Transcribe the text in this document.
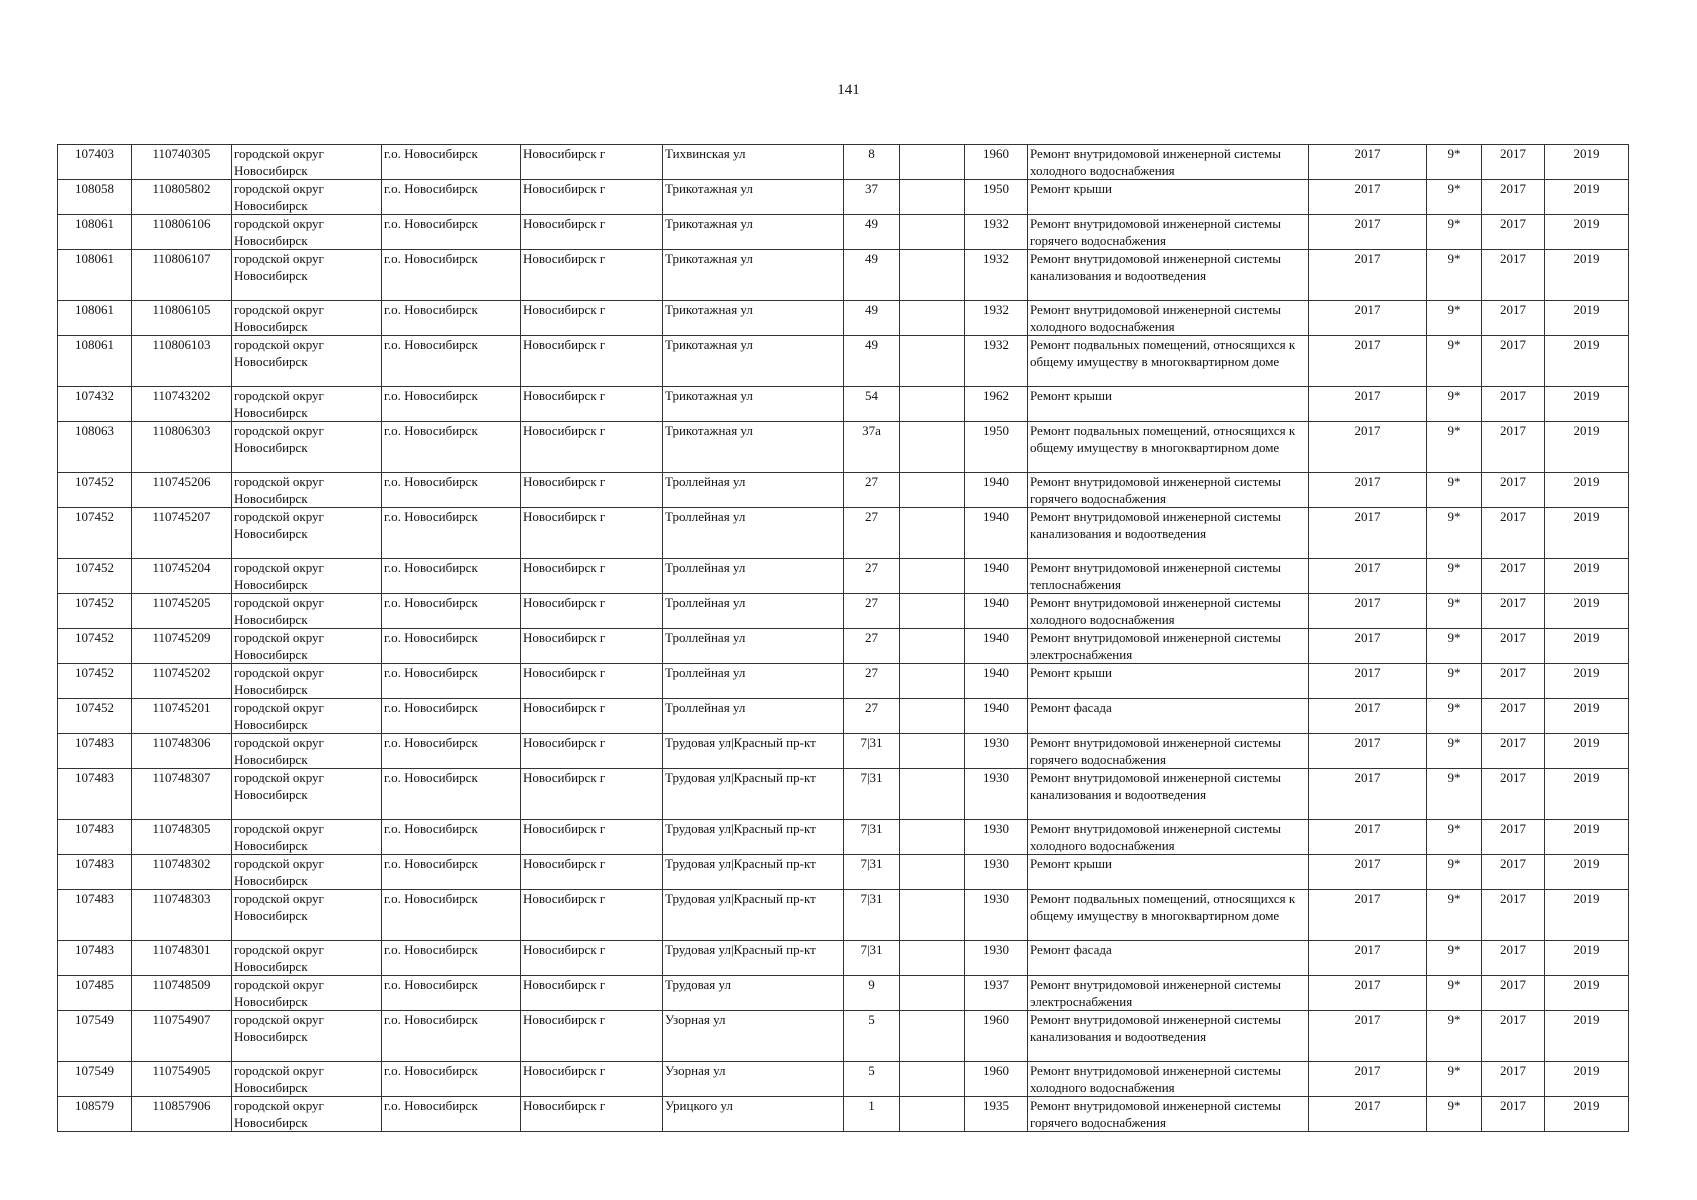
141
107403	110740305	городской округ Новосибирск	г.о. Новосибирск	Новосибирск г	Тихвинская ул	8		1960	Ремонт внутридомовой инженерной системы холодного водоснабжения	2017	9*	2017	2019
108058	110805802	городской округ Новосибирск	г.о. Новосибирск	Новосибирск г	Трикотажная ул	37		1950	Ремонт крыши	2017	9*	2017	2019
108061	110806106	городской округ Новосибирск	г.о. Новосибирск	Новосибирск г	Трикотажная ул	49		1932	Ремонт внутридомовой инженерной системы горячего водоснабжения	2017	9*	2017	2019
108061	110806107	городской округ Новосибирск	г.о. Новосибирск	Новосибирск г	Трикотажная ул	49		1932	Ремонт внутридомовой инженерной системы канализования и водоотведения	2017	9*	2017	2019
108061	110806105	городской округ Новосибирск	г.о. Новосибирск	Новосибирск г	Трикотажная ул	49		1932	Ремонт внутридомовой инженерной системы холодного водоснабжения	2017	9*	2017	2019
108061	110806103	городской округ Новосибирск	г.о. Новосибирск	Новосибирск г	Трикотажная ул	49		1932	Ремонт подвальных помещений, относящихся к общему имуществу в многоквартирном доме	2017	9*	2017	2019
107432	110743202	городской округ Новосибирск	г.о. Новосибирск	Новосибирск г	Трикотажная ул	54		1962	Ремонт крыши	2017	9*	2017	2019
108063	110806303	городской округ Новосибирск	г.о. Новосибирск	Новосибирск г	Трикотажная ул	37а		1950	Ремонт подвальных помещений, относящихся к общему имуществу в многоквартирном доме	2017	9*	2017	2019
107452	110745206	городской округ Новосибирск	г.о. Новосибирск	Новосибирск г	Троллейная ул	27		1940	Ремонт внутридомовой инженерной системы горячего водоснабжения	2017	9*	2017	2019
107452	110745207	городской округ Новосибирск	г.о. Новосибирск	Новосибирск г	Троллейная ул	27		1940	Ремонт внутридомовой инженерной системы канализования и водоотведения	2017	9*	2017	2019
107452	110745204	городской округ Новосибирск	г.о. Новосибирск	Новосибирск г	Троллейная ул	27		1940	Ремонт внутридомовой инженерной системы теплоснабжения	2017	9*	2017	2019
107452	110745205	городской округ Новосибирск	г.о. Новосибирск	Новосибирск г	Троллейная ул	27		1940	Ремонт внутридомовой инженерной системы холодного водоснабжения	2017	9*	2017	2019
107452	110745209	городской округ Новосибирск	г.о. Новосибирск	Новосибирск г	Троллейная ул	27		1940	Ремонт внутридомовой инженерной системы электроснабжения	2017	9*	2017	2019
107452	110745202	городской округ Новосибирск	г.о. Новосибирск	Новосибирск г	Троллейная ул	27		1940	Ремонт крыши	2017	9*	2017	2019
107452	110745201	городской округ Новосибирск	г.о. Новосибирск	Новосибирск г	Троллейная ул	27		1940	Ремонт фасада	2017	9*	2017	2019
107483	110748306	городской округ Новосибирск	г.о. Новосибирск	Новосибирск г	Трудовая ул|Красный пр-кт	7|31		1930	Ремонт внутридомовой инженерной системы горячего водоснабжения	2017	9*	2017	2019
107483	110748307	городской округ Новосибирск	г.о. Новосибирск	Новосибирск г	Трудовая ул|Красный пр-кт	7|31		1930	Ремонт внутридомовой инженерной системы канализования и водоотведения	2017	9*	2017	2019
107483	110748305	городской округ Новосибирск	г.о. Новосибирск	Новосибирск г	Трудовая ул|Красный пр-кт	7|31		1930	Ремонт внутридомовой инженерной системы холодного водоснабжения	2017	9*	2017	2019
107483	110748302	городской округ Новосибирск	г.о. Новосибирск	Новосибирск г	Трудовая ул|Красный пр-кт	7|31		1930	Ремонт крыши	2017	9*	2017	2019
107483	110748303	городской округ Новосибирск	г.о. Новосибирск	Новосибирск г	Трудовая ул|Красный пр-кт	7|31		1930	Ремонт подвальных помещений, относящихся к общему имуществу в многоквартирном доме	2017	9*	2017	2019
107483	110748301	городской округ Новосибирск	г.о. Новосибирск	Новосибирск г	Трудовая ул|Красный пр-кт	7|31		1930	Ремонт фасада	2017	9*	2017	2019
107485	110748509	городской округ Новосибирск	г.о. Новосибирск	Новосибирск г	Трудовая ул	9		1937	Ремонт внутридомовой инженерной системы электроснабжения	2017	9*	2017	2019
107549	110754907	городской округ Новосибирск	г.о. Новосибирск	Новосибирск г	Узорная ул	5		1960	Ремонт внутридомовой инженерной системы канализования и водоотведения	2017	9*	2017	2019
107549	110754905	городской округ Новосибирск	г.о. Новосибирск	Новосибирск г	Узорная ул	5		1960	Ремонт внутридомовой инженерной системы холодного водоснабжения	2017	9*	2017	2019
108579	110857906	городской округ Новосибирск	г.о. Новосибирск	Новосибирск г	Урицкого ул	1		1935	Ремонт внутридомовой инженерной системы горячего водоснабжения	2017	9*	2017	2019
